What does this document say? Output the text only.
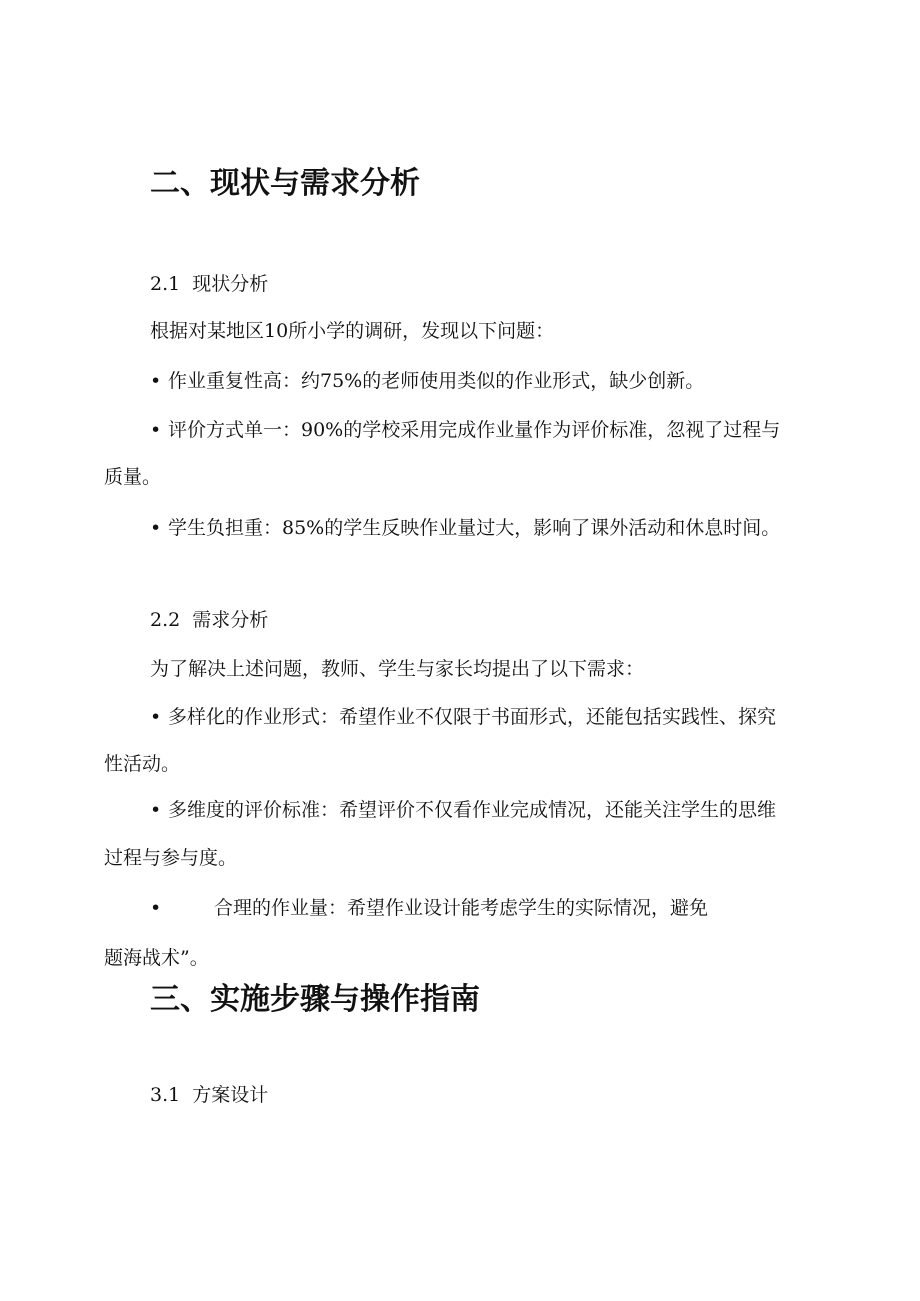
二、现状与需求分析
2.1 现状分析
根据对某地区10所小学的调研，发现以下问题：
• 作业重复性高：约75%的老师使用类似的作业形式，缺少创新。
• 评价方式单一：90%的学校采用完成作业量作为评价标准，忽视了过程与
质量。
• 学生负担重：85%的学生反映作业量过大，影响了课外活动和休息时间。
2.2 需求分析
为了解决上述问题，教师、学生与家长均提出了以下需求：
• 多样化的作业形式：希望作业不仅限于书面形式，还能包括实践性、探究
性活动。
• 多维度的评价标准：希望评价不仅看作业完成情况，还能关注学生的思维
过程与参与度。
•	合理的作业量：希望作业设计能考虑学生的实际情况，避免
题海战术”。
三、实施步骤与操作指南
3.1 方案设计
